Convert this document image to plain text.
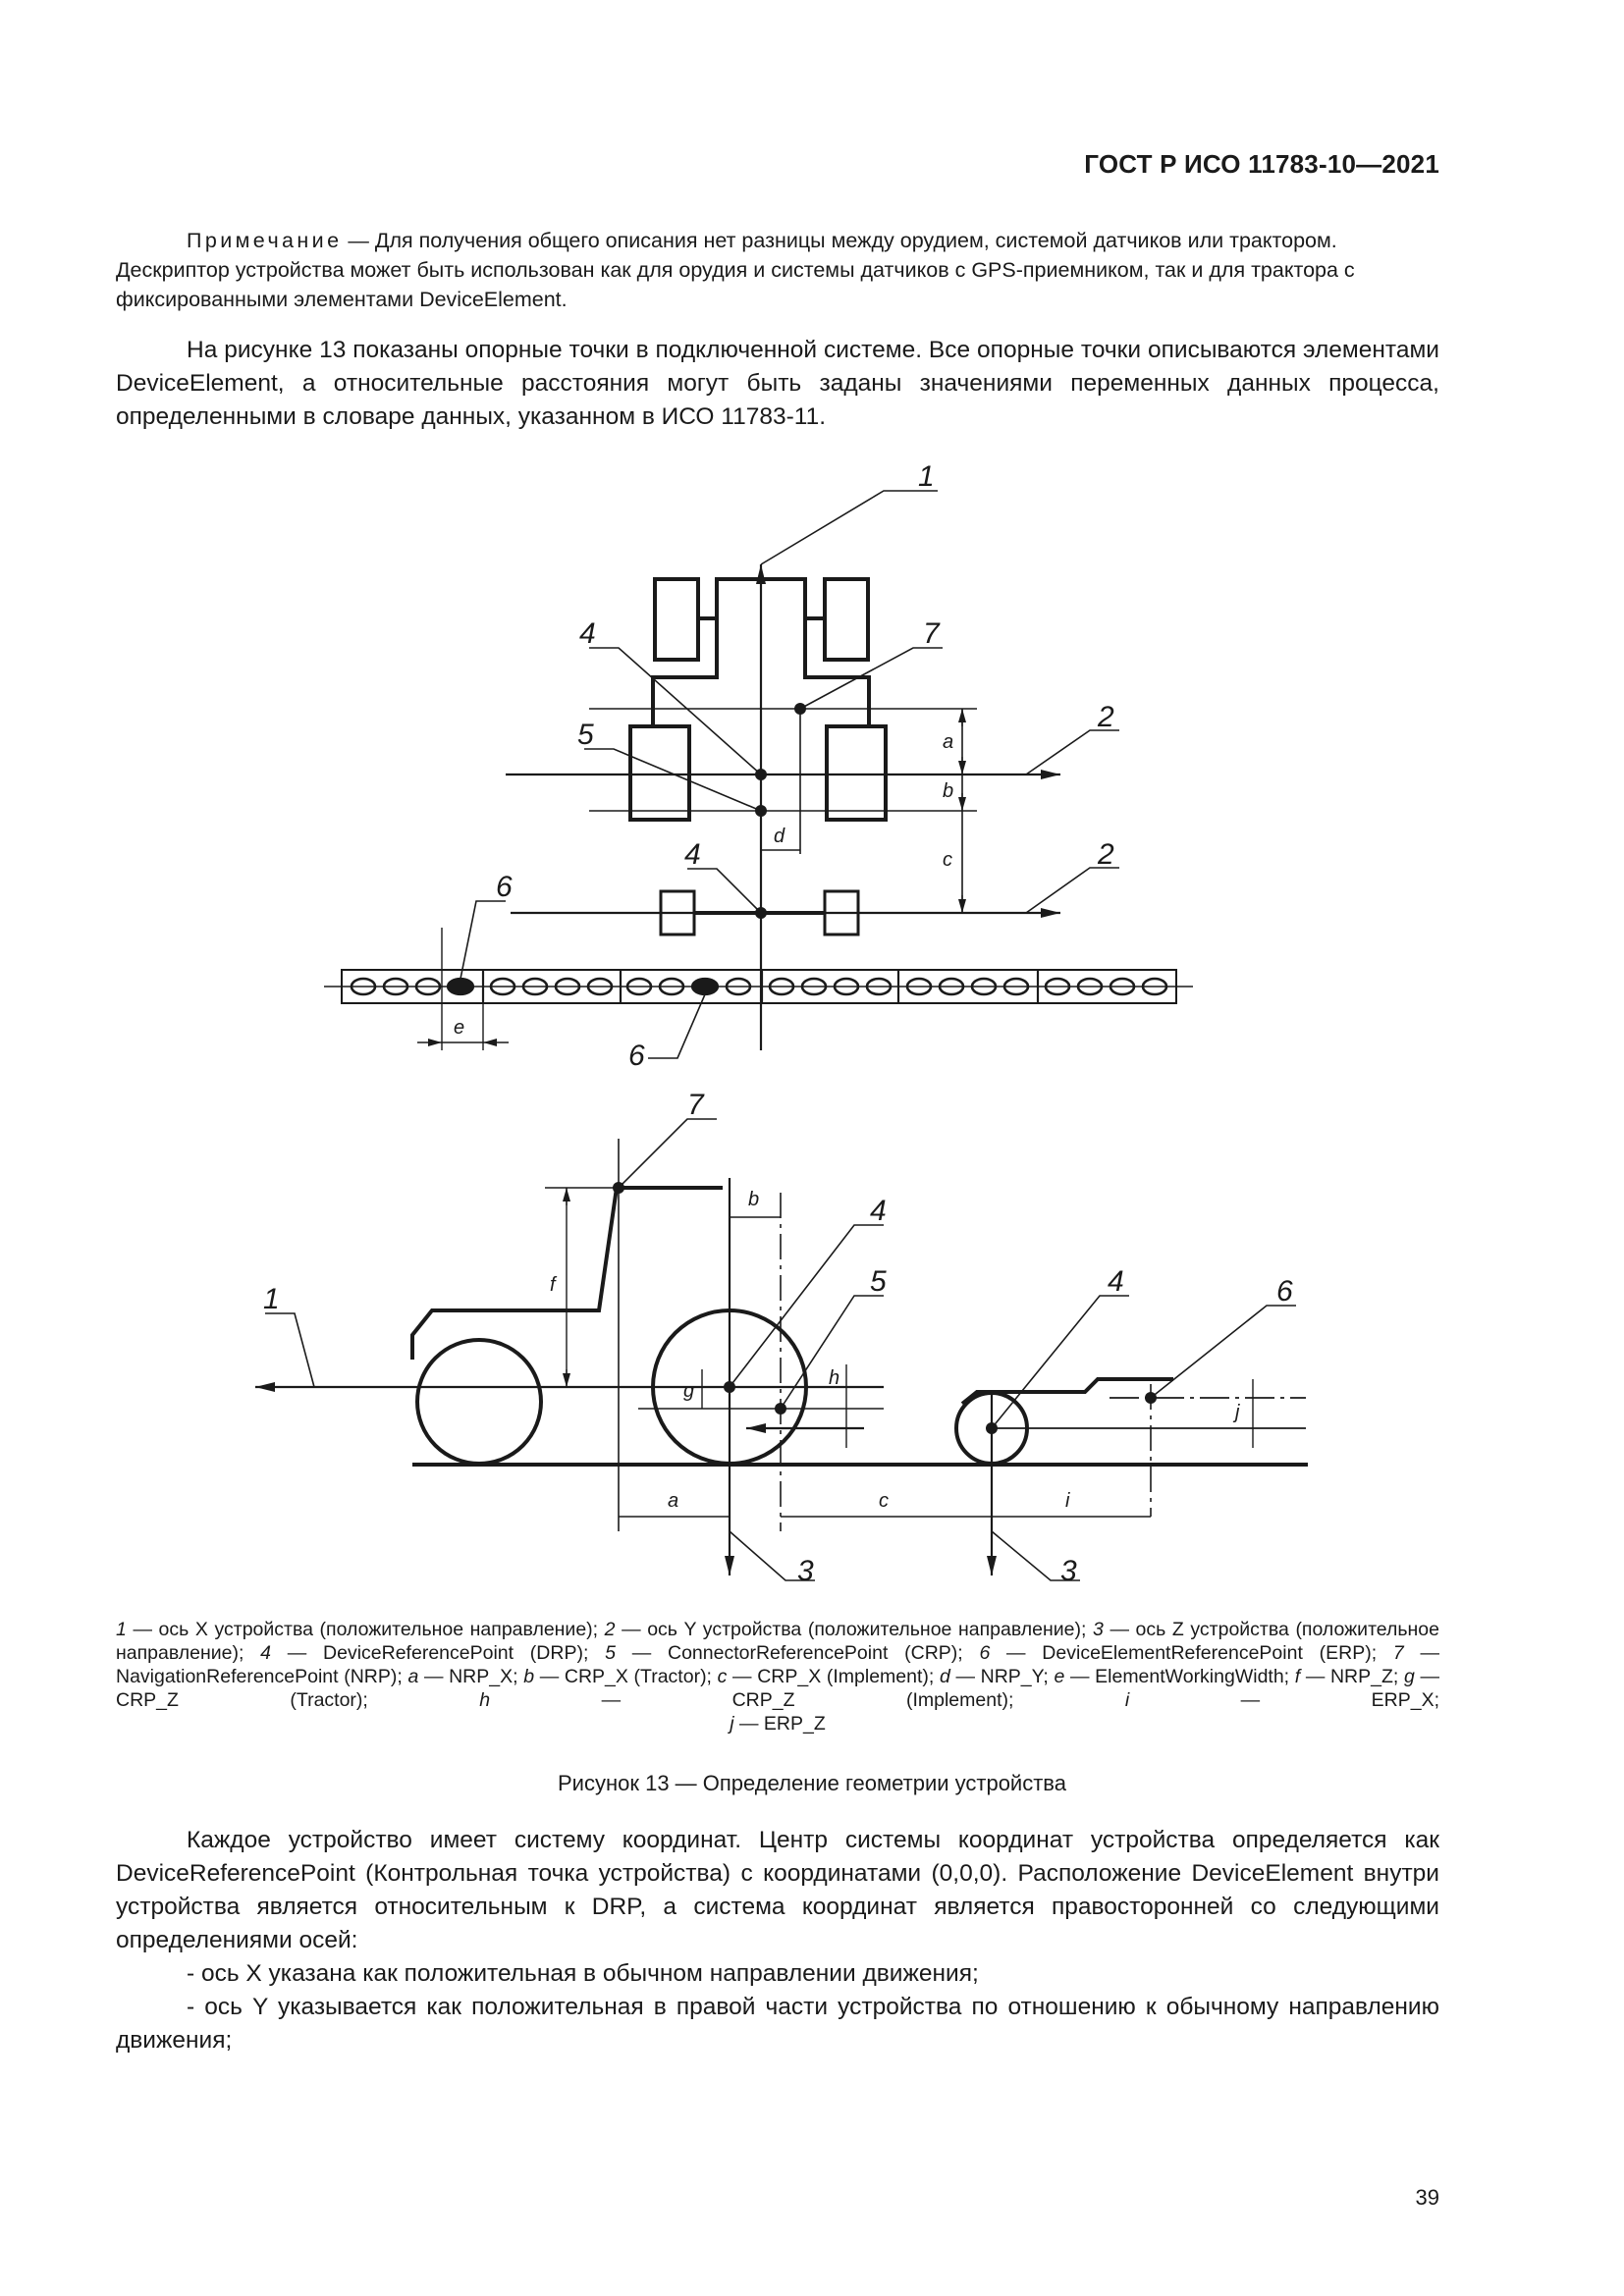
ГОСТ Р ИСО 11783-10—2021
Примечание — Для получения общего описания нет разницы между орудием, системой датчиков или трактором. Дескриптор устройства может быть использован как для орудия и системы датчиков с GPS-приемником, так и для трактора с фиксированными элементами DeviceElement.
На рисунке 13 показаны опорные точки в подключенной системе. Все опорные точки описываются элементами DeviceElement, а относительные расстояния могут быть заданы значениями переменных данных процесса, определенными в словаре данных, указанном в ИСО 11783-11.
1
7
4
5
2
2
4
6
6
a
b
c
d
e
7
1
4
5	4	6
3	3
f
b
g
h
j
a	c	i
1 — ось X устройства (положительное направление); 2 — ось Y устройства (положительное направление); 3 — ось Z устройства (положительное направление); 4 — DeviceReferencePoint (DRP); 5 — ConnectorReferencePoint (CRP); 6 — DeviceElementReferencePoint (ERP); 7 — NavigationReferencePoint (NRP); a — NRP_X; b — CRP_X (Tractor); c — CRP_X (Implement); d — NRP_Y; e — ElementWorkingWidth; f — NRP_Z; g — CRP_Z (Tractor); h — CRP_Z (Implement); i — ERP_X;
j — ERP_Z
Рисунок 13 — Определение геометрии устройства
Каждое устройство имеет систему координат. Центр системы координат устройства определяется как DeviceReferencePoint (Контрольная точка устройства) с координатами (0,0,0). Расположение DeviceElement внутри устройства является относительным к DRP, а система координат является правосторонней со следующими определениями осей:
- ось X указана как положительная в обычном направлении движения;
- ось Y указывается как положительная в правой части устройства по отношению к обычному направлению движения;
39
